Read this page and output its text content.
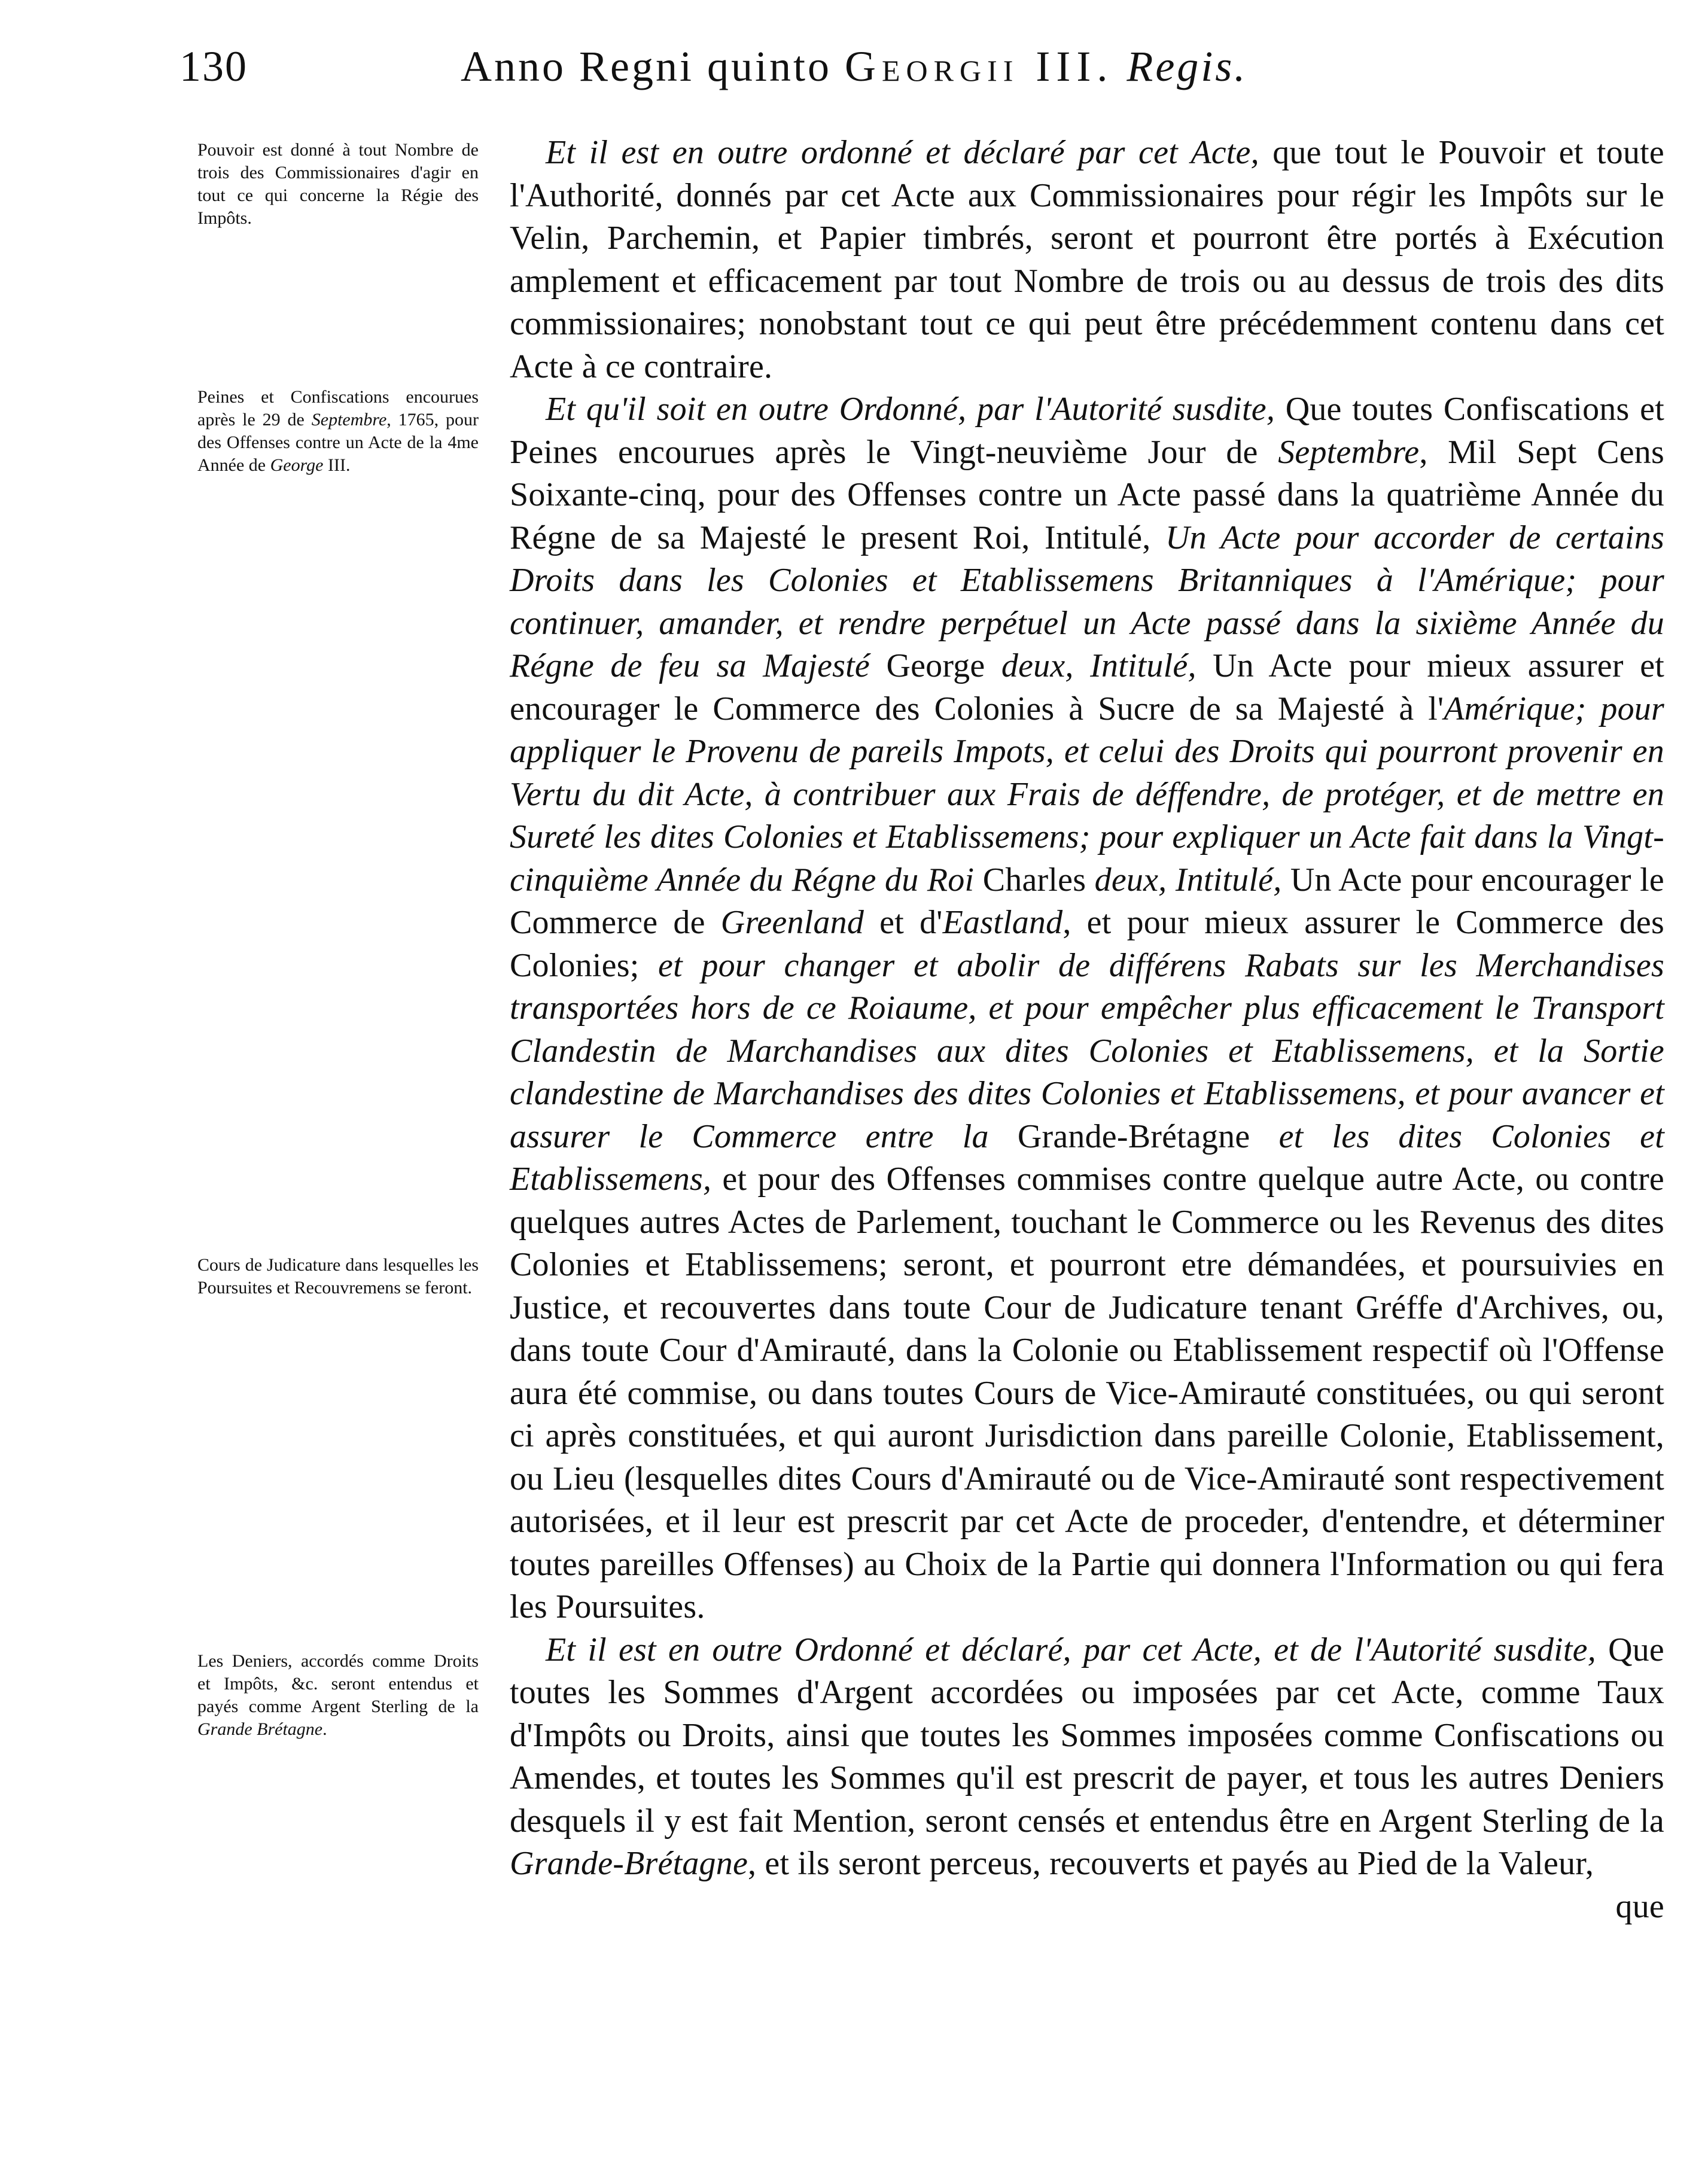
130	Anno Regni quinto Georgii III. Regis.
Pouvoir est donné à tout Nombre de trois des Commissionaires d'agir en tout ce qui concerne la Régie des Impôts.
Peines et Confiscations encourues après le 29 de Septembre, 1765, pour des Offenses contre un Acte de la 4me Année de George III.
Cours de Judicature dans lesquelles les Poursuites et Recouvremens se feront.
Les Deniers, accordés comme Droits et Impôts, &c. seront entendus et payés comme Argent Sterling de la Grande Brétagne.

Et il est en outre ordonné et déclaré par cet Acte, que tout le Pouvoir et toute l'Authorité, donnés par cet Acte aux Commissionaires pour régir les Impôts sur le Velin, Parchemin, et Papier timbrés, seront et pourront être portés à Exécution amplement et efficacement par tout Nombre de trois ou au dessus de trois des dits commissionaires; nonobstant tout ce qui peut être précédemment contenu dans cet Acte à ce contraire.

Et qu'il soit en outre Ordonné, par l'Autorité susdite, Que toutes Confiscations et Peines encourues après le Vingt-neuvième Jour de Septembre, Mil Sept Cens Soixante-cinq, pour des Offenses contre un Acte passé dans la quatrième Année du Régne de sa Majesté le present Roi, Intitulé, Un Acte pour accorder de certains Droits dans les Colonies et Etablissemens Britanniques à l'Amérique; pour continuer, amander, et rendre perpétuel un Acte passé dans la sixième Année du Régne de feu sa Majesté George deux, Intitulé, Un Acte pour mieux assurer et encourager le Commerce des Colonies à Sucre de sa Majesté à l'Amérique; pour appliquer le Provenu de pareils Impots, et celui des Droits qui pourront provenir en Vertu du dit Acte, à contribuer aux Frais de déffendre, de protéger, et de mettre en Sureté les dites Colonies et Etablissemens; pour expliquer un Acte fait dans la Vingt-cinquième Année du Régne du Roi Charles deux, Intitulé, Un Acte pour encourager le Commerce de Greenland et d'Eastland, et pour mieux assurer le Commerce des Colonies; et pour changer et abolir de différens Rabats sur les Merchandises transportées hors de ce Roiaume, et pour empêcher plus efficacement le Transport Clandestin de Marchandises aux dites Colonies et Etablissemens, et la Sortie clandestine de Marchandises des dites Colonies et Etablissemens, et pour avancer et assurer le Commerce entre la Grande-Brétagne et les dites Colonies et Etablissemens, et pour des Offenses commises contre quelque autre Acte, ou contre quelques autres Actes de Parlement, touchant le Commerce ou les Revenus des dites Colonies et Etablissemens; seront, et pourront etre démandées, et poursuivies en Justice, et recouvertes dans toute Cour de Judicature tenant Gréffe d'Archives, ou, dans toute Cour d'Amirauté, dans la Colonie ou Etablissement respectif où l'Offense aura été commise, ou dans toutes Cours de Vice-Amirauté constituées, ou qui seront ci après constituées, et qui auront Jurisdiction dans pareille Colonie, Etablissement, ou Lieu (lesquelles dites Cours d'Amirauté ou de Vice-Amirauté sont respectivement autorisées, et il leur est prescrit par cet Acte de proceder, d'entendre, et déterminer toutes pareilles Offenses) au Choix de la Partie qui donnera l'Information ou qui fera les Poursuites.

Et il est en outre Ordonné et déclaré, par cet Acte, et de l'Autorité susdite, Que toutes les Sommes d'Argent accordées ou imposées par cet Acte, comme Taux d'Impôts ou Droits, ainsi que toutes les Sommes imposées comme Confiscations ou Amendes, et toutes les Sommes qu'il est prescrit de payer, et tous les autres Deniers desquels il y est fait Mention, seront censés et entendus être en Argent Sterling de la Grande-Brétagne, et ils seront perceus, recouverts et payés au Pied de la Valeur,

que
